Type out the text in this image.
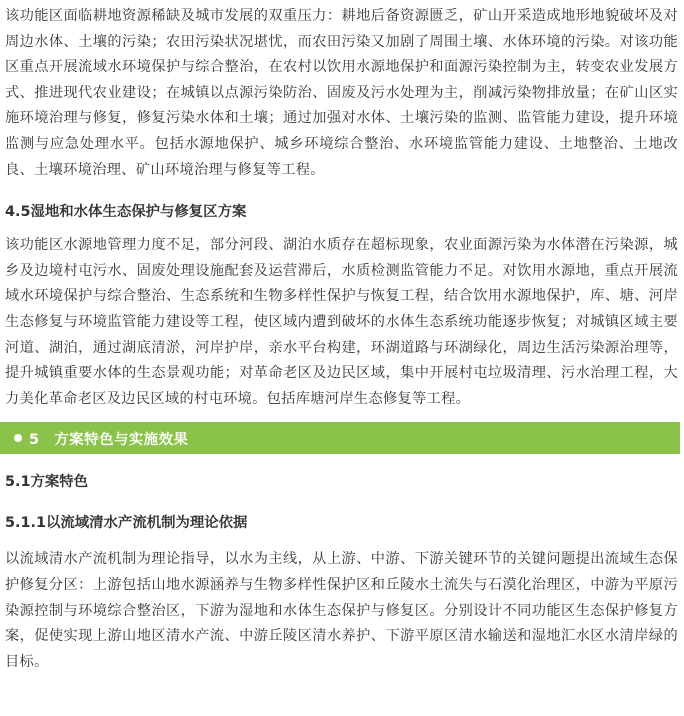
该功能区面临耕地资源稀缺及城市发展的双重压力：耕地后备资源匮乏，矿山开采造成地形地貌破坏及对周边水体、土壤的污染；农田污染状况堪忧，而农田污染又加剧了周围土壤、水体环境的污染。对该功能区重点开展流域水环境保护与综合整治，在农村以饮用水源地保护和面源污染控制为主，转变农业发展方式、推进现代农业建设；在城镇以点源污染防治、固废及污水处理为主，削减污染物排放量；在矿山区实施环境治理与修复，修复污染水体和土壤；通过加强对水体、土壤污染的监测、监管能力建设，提升环境监测与应急处理水平。包括水源地保护、城乡环境综合整治、水环境监管能力建设、土地整治、土地改良、土壤环境治理、矿山环境治理与修复等工程。

4.5湿地和水体生态保护与修复区方案

该功能区水源地管理力度不足，部分河段、湖泊水质存在超标现象，农业面源污染为水体潜在污染源，城乡及边境村屯污水、固废处理设施配套及运营滞后，水质检测监管能力不足。对饮用水源地，重点开展流域水环境保护与综合整治、生态系统和生物多样性保护与恢复工程，结合饮用水源地保护，库、塘、河岸生态修复与环境监管能力建设等工程，使区域内遭到破坏的水体生态系统功能逐步恢复；对城镇区域主要河道、湖泊，通过湖底清淤，河岸护岸，亲水平台构建，环湖道路与环湖绿化，周边生活污染源治理等，提升城镇重要水体的生态景观功能；对革命老区及边民区域，集中开展村屯垃圾清理、污水治理工程，大力美化革命老区及边民区域的村屯环境。包括库塘河岸生态修复等工程。

5　方案特色与实施效果
5.1方案特色
5.1.1以流域清水产流机制为理论依据

以流域清水产流机制为理论指导，以水为主线，从上游、中游、下游关键环节的关键问题提出流域生态保护修复分区：上游包括山地水源涵养与生物多样性保护区和丘陵水土流失与石漠化治理区，中游为平原污染源控制与环境综合整治区，下游为湿地和水体生态保护与修复区。分别设计不同功能区生态保护修复方案，促使实现上游山地区清水产流、中游丘陵区清水养护、下游平原区清水输送和湿地汇水区水清岸绿的目标。
